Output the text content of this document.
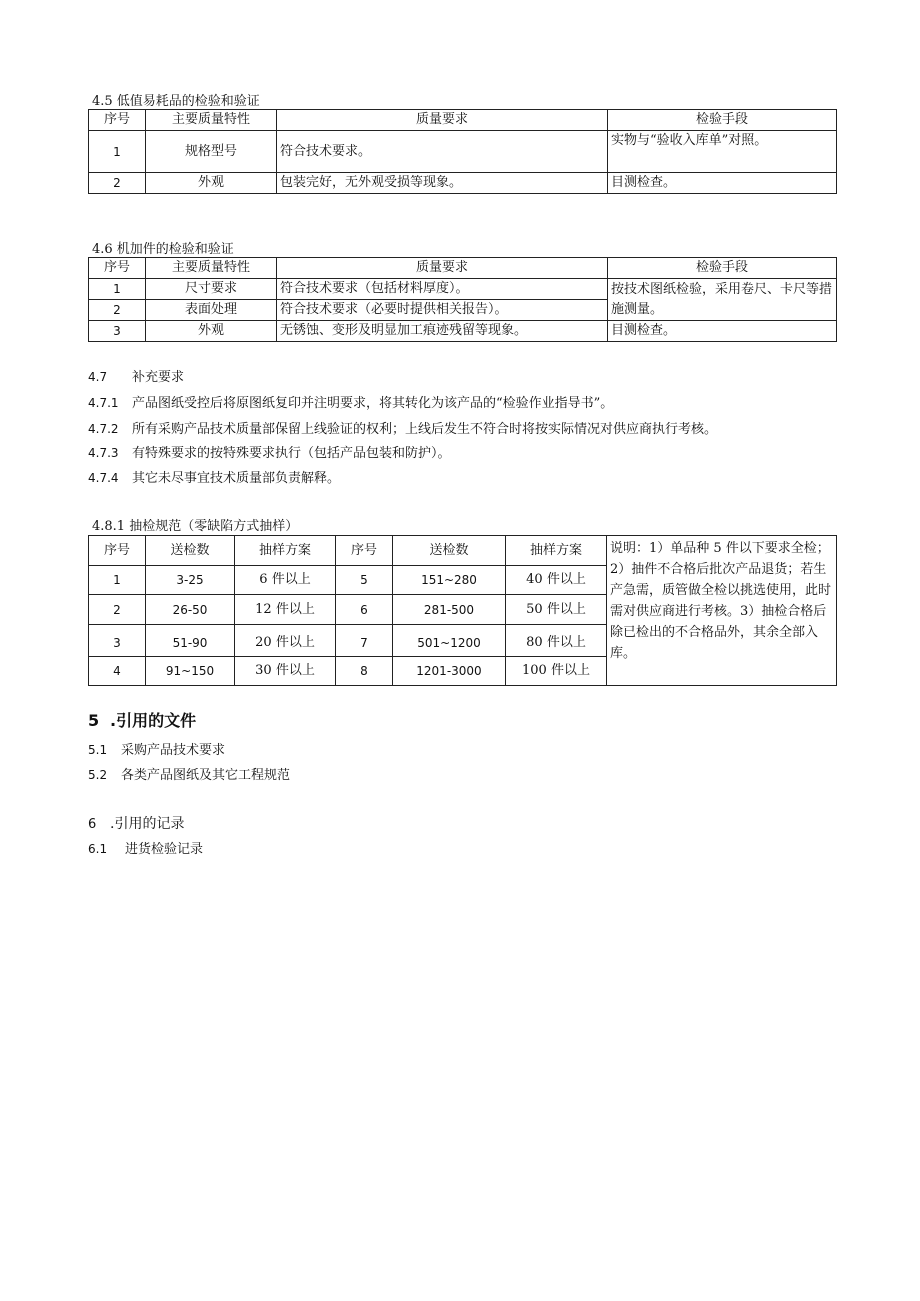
4.5 低值易耗品的检验和验证
序号	主要质量特性	质量要求	检验手段
1	规格型号	符合技术要求。	实物与“验收入库单”对照。
2	外观	包装完好，无外观受损等现象。	目测检查。
4.6 机加件的检验和验证
序号	主要质量特性	质量要求	检验手段
1	尺寸要求	符合技术要求（包括材料厚度）。	按技术图纸检验，采用卷尺、卡尺等措施测量。
2	表面处理	符合技术要求（必要时提供相关报告）。	
3	外观	无锈蚀、变形及明显加工痕迹残留等现象。	目测检查。
4.7 补充要求
4.7.1 产品图纸受控后将原图纸复印并注明要求，将其转化为该产品的“检验作业指导书”。
4.7.2 所有采购产品技术质量部保留上线验证的权利；上线后发生不符合时将按实际情况对供应商执行考核。
4.7.3 有特殊要求的按特殊要求执行（包括产品包装和防护）。
4.7.4 其它未尽事宜技术质量部负责解释。
4.8.1 抽检规范（零缺陷方式抽样）
序号	送检数	抽样方案	序号	送检数	抽样方案	说明：1）单品种 5 件以下要求全检；2）抽件不合格后批次产品退货；若生产急需，质管做全检以挑选使用，此时需对供应商进行考核。3）抽检合格后除已检出的不合格品外，其余全部入库。
1	3-25	6 件以上	5	151~280	40 件以上	
2	26-50	12 件以上	6	281-500	50 件以上	
3	51-90	20 件以上	7	501~1200	80 件以上	
4	91~150	30 件以上	8	1201-3000	100 件以上	
5 .引用的文件
5.1 采购产品技术要求
5.2 各类产品图纸及其它工程规范
6 .引用的记录
6.1 进货检验记录
